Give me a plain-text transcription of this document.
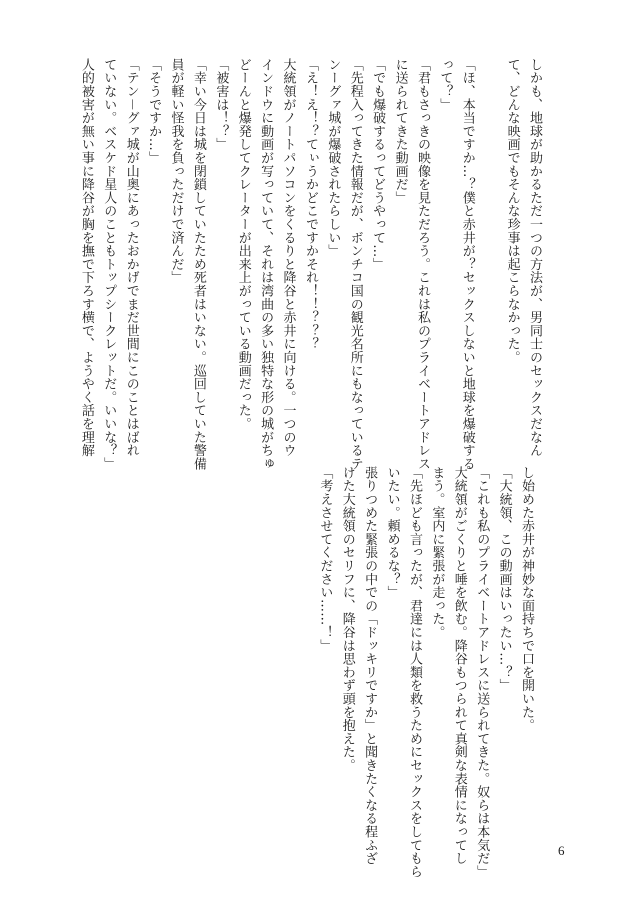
しかも、地球が助かるただ一つの方法が、男同士のセックスだなん
て、どんな映画でもそんな珍事は起こらなかった。
「ほ、本当ですか…？僕と赤井が？セックスしないと地球を爆破する
って？」
「君もさっきの映像を見ただろう。これは私のプライベートアドレス
に送られてきた動画だ」
「でも爆破するってどうやって…」
「先程入ってきた情報だが、ボンチコ国の観光名所にもなっているテ
ンーグァ城が爆破されたらしい」
「え！え！？てぃうかどこですかそれ！！？？？
大統領がノートパソコンをくるりと降谷と赤井に向ける。一つのウ
インドウに動画が写っていて、それは湾曲の多い独特な形の城がちゅ
どーんと爆発してクレーターが出来上がっている動画だった。
「被害は！？」
「幸い今日は城を閉鎖していたため死者はいない。巡回していた警備
員が軽い怪我を負っただけで済んだ」
「そうですか…」
「テン－グァ城が山奥にあったおかげでまだ世間にこのことはばれ
ていない。ベスケド星人のこともトップシークレットだ。いいな？」
人的被害が無い事に降谷が胸を撫で下ろす横で、ようやく話を理解
し始めた赤井が神妙な面持ちで口を開いた。
「大統領、この動画はいったい…？」
「これも私のプライベートアドレスに送られてきた。奴らは本気だ」
大統領がごくりと唾を飲む。降谷もつられて真剣な表情になってし
まう。室内に緊張が走った。
「先ほども言ったが、君達には人類を救うためにセックスをしてもら
いたい。頼めるな？」
張りつめた緊張の中での「ドッキリですか」と聞きたくなる程ふざ
けた大統領のセリフに、降谷は思わず頭を抱えた。
「考えさせてください……！」
6
